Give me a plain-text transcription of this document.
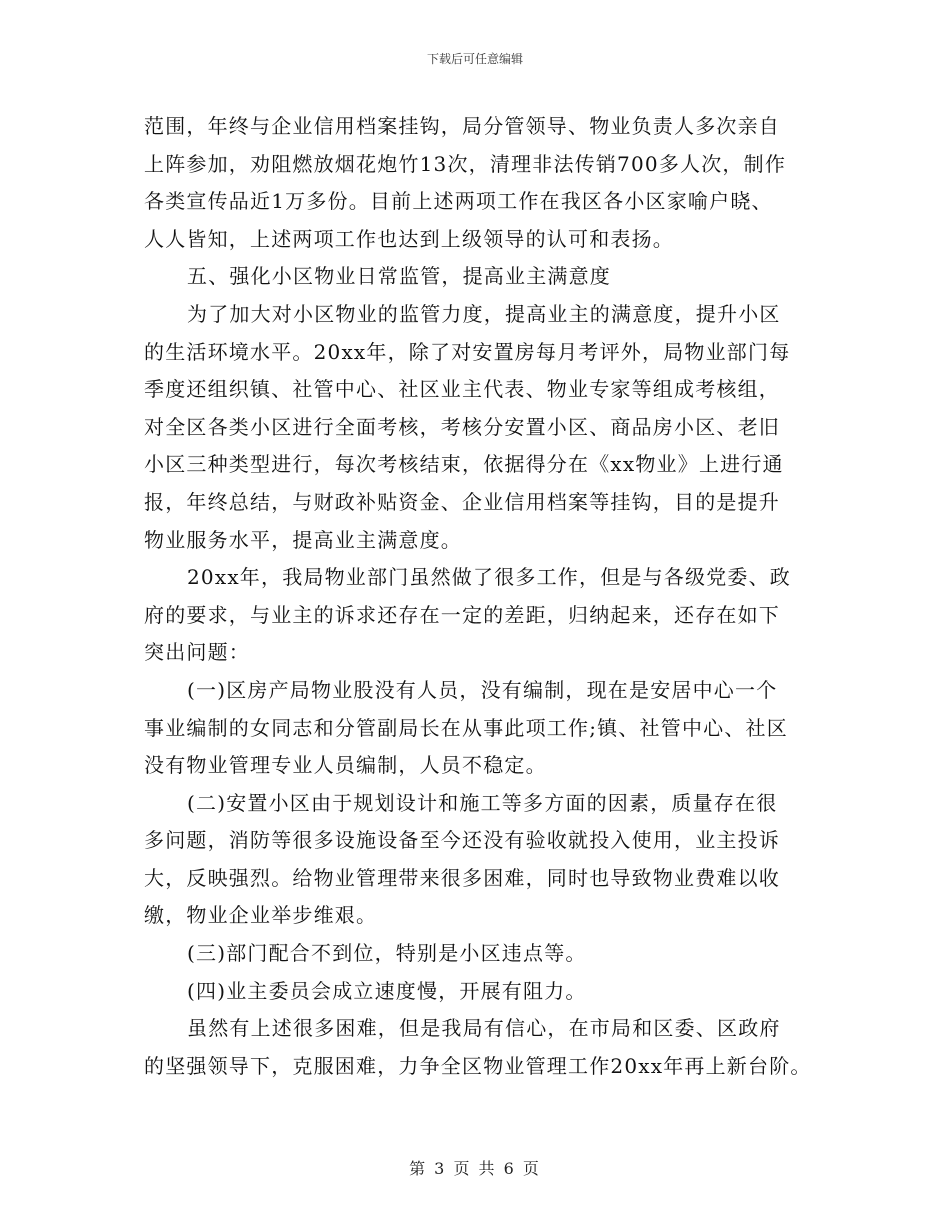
下载后可任意编辑
范围，年终与企业信用档案挂钩，局分管领导、物业负责人多次亲自
上阵参加，劝阻燃放烟花炮竹13次，清理非法传销700多人次，制作
各类宣传品近1万多份。目前上述两项工作在我区各小区家喻户晓、
人人皆知，上述两项工作也达到上级领导的认可和表扬。
五、强化小区物业日常监管，提高业主满意度
为了加大对小区物业的监管力度，提高业主的满意度，提升小区
的生活环境水平。20xx年，除了对安置房每月考评外，局物业部门每
季度还组织镇、社管中心、社区业主代表、物业专家等组成考核组，
对全区各类小区进行全面考核，考核分安置小区、商品房小区、老旧
小区三种类型进行，每次考核结束，依据得分在《xx物业》上进行通
报，年终总结，与财政补贴资金、企业信用档案等挂钩，目的是提升
物业服务水平，提高业主满意度。
20xx年，我局物业部门虽然做了很多工作，但是与各级党委、政
府的要求，与业主的诉求还存在一定的差距，归纳起来，还存在如下
突出问题：
(一)区房产局物业股没有人员，没有编制，现在是安居中心一个
事业编制的女同志和分管副局长在从事此项工作;镇、社管中心、社区
没有物业管理专业人员编制，人员不稳定。
(二)安置小区由于规划设计和施工等多方面的因素，质量存在很
多问题，消防等很多设施设备至今还没有验收就投入使用，业主投诉
大，反映强烈。给物业管理带来很多困难，同时也导致物业费难以收
缴，物业企业举步维艰。
(三)部门配合不到位，特别是小区违点等。
(四)业主委员会成立速度慢，开展有阻力。
虽然有上述很多困难，但是我局有信心，在市局和区委、区政府
的坚强领导下，克服困难，力争全区物业管理工作20xx年再上新台阶。
第 3 页 共 6 页
